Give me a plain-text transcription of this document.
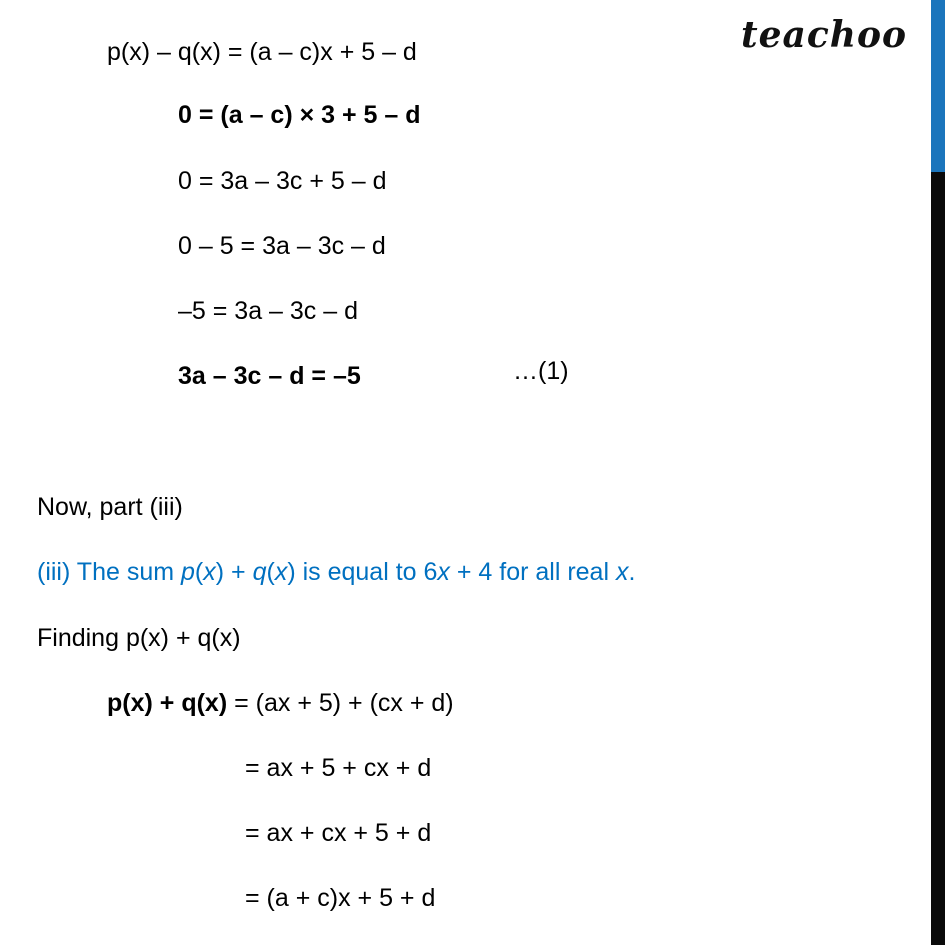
teachoo

p(x) – q(x) = (a – c)x + 5 – d

0 = (a – c) × 3 + 5 – d

0 = 3a – 3c + 5 – d

0 – 5 = 3a – 3c – d

–5 = 3a – 3c – d

3a – 3c – d = –5	…(1)

Now, part (iii)

(iii) The sum p(x) + q(x) is equal to 6x + 4 for all real x.

Finding p(x) + q(x)

p(x) + q(x) = (ax + 5) + (cx + d)

= ax + 5 + cx + d

= ax + cx + 5 + d

= (a + c)x + 5 + d
